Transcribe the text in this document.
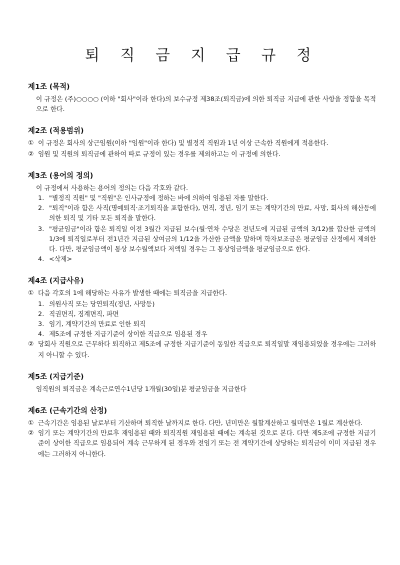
퇴 직 금 지 급 규 정
제1조 (목적)
이 규정은 (주)○○○○ (이하 "회사"이라 한다)의 보수규정 제38조(퇴직금)에 의한 퇴직금 지급에 관한 사항을 정함을 목적으로 한다.
제2조 (적용범위)
① 이 규정은 회사의 상근임원(이하 "임원"이라 한다) 및 별정직 직원과 1년 이상 근속한 직원에게 적용한다.
② 임원 및 직원의 퇴직금에 관하여 따로 규정이 있는 경우를 제외하고는 이 규정에 의한다.
제3조 (용어의 정의)
이 규정에서 사용하는 용어의 정의는 다음 각호와 같다.
1. "별정직 직원" 및 "직원"은 인사규정에 정하는 바에 의하여 임용된 자를 말한다.
2. "퇴직"이라 함은 사직(명예퇴직·조기퇴직을 포함한다), 면직, 정년, 임기 또는 계약기간의 만료, 사망, 회사의 해산등에 의한 퇴직 및 기타 모든 퇴직을 말한다.
3. "평균임금"이라 함은 퇴직일 이전 3월간 지급된 보수(월·연차 수당은 전년도에 지급된 금액의 3/12)를 합산한 금액의 1/3에 퇴직일로부터 전1년간 지급된 상여금의 1/12을 가산한 금액을 말하며 학자보조금은 평균임금 산정에서 제외한다. 다만, 평균임금액이 통상 보수월액보다 저액일 경우는 그 통상임금액을 평균임금으로 한다.
4. <삭제>
제4조 (지급사유)
① 다음 각호의 1에 해당하는 사유가 발생한 때에는 퇴직금을 지급한다.
1. 의원사직 또는 당연퇴직(정년, 사망등)
2. 직권면직, 징계면직, 파면
3. 임기, 계약기간의 만료로 인한 퇴직
4. 제5조에 규정한 지급기준이 상이한 직급으로 임용된 경우
② 당회사 직원으로 근무하다 퇴직하고 제5조에 규정한 지급기준이 동일한 직급으로 퇴직일말 재임용되었을 경우에는 그러하지 아니할 수 있다.
제5조 (지급기준)
임직원의 퇴직금은 계속근로연수1년당 1개월(30일)분 평균임금을 지급한다
제6조 (근속기간의 산정)
① 근속기간은 임용된 날로부터 기산하며 퇴직한 날까지로 한다. 다만, 년미만은 월할계산하고 월미만은 1월로 계산한다.
② 임기 또는 계약기간의 만료후 재임용된 때와 퇴직직원 재임용된 때에는 계속된 것으로 본다. 다만 제5조에 규정한 지급기준이 상이한 직급으로 임용되어 계속 근무하게 된 경우와 전임기 또는 전 계약기간에 상당하는 퇴직금이 이미 지급된 경우에는 그러하지 아니한다.
